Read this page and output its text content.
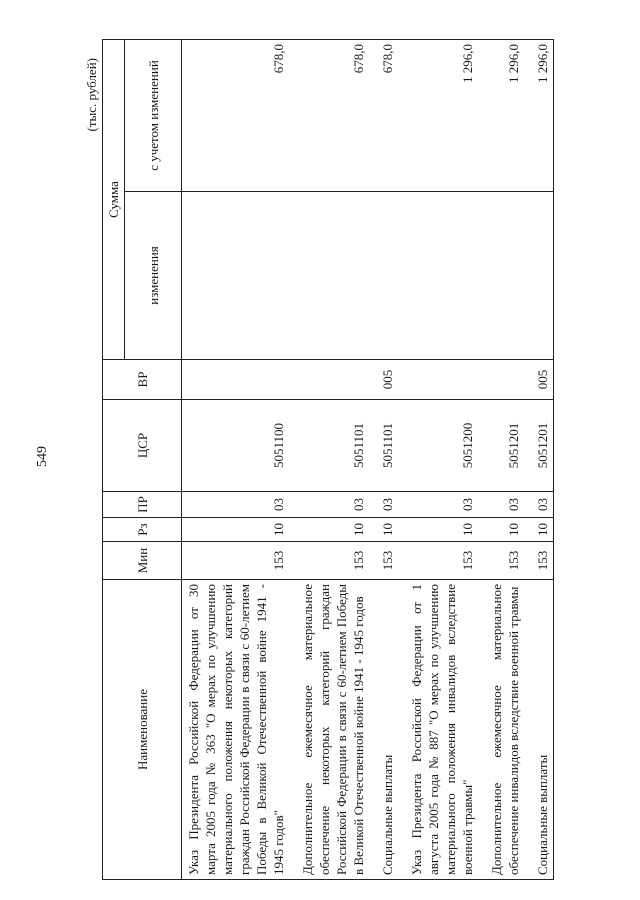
549
(тыс. рублей)
Наименование	Мин	Рз	ПР	ЦСР	ВР	Сумма	
						изменения	с учетом изменений
Указ Президента Российской Федерации от 30 марта 2005 года № 363 "О мерах по улучшению материального положения некоторых категорий граждан Российской Федерации в связи с 60-летием Победы в Великой Отечественной войне 1941 - 1945 годов"	153	10	03	5051100			678,0
Дополнительное ежемесячное материальное обеспечение некоторых категорий граждан Российской Федерации в связи с 60-летием Победы в Великой Отечественной войне 1941 - 1945 годов	153	10	03	5051101			678,0
Социальные выплаты	153	10	03	5051101	005		678,0
Указ Президента Российской Федерации от 1 августа 2005 года № 887 "О мерах по улучшению материального положения инвалидов вследствие военной травмы"	153	10	03	5051200			1 296,0
Дополнительное ежемесячное материальное обеспечение инвалидов вследствие военной травмы	153	10	03	5051201			1 296,0
Социальные выплаты	153	10	03	5051201	005		1 296,0
